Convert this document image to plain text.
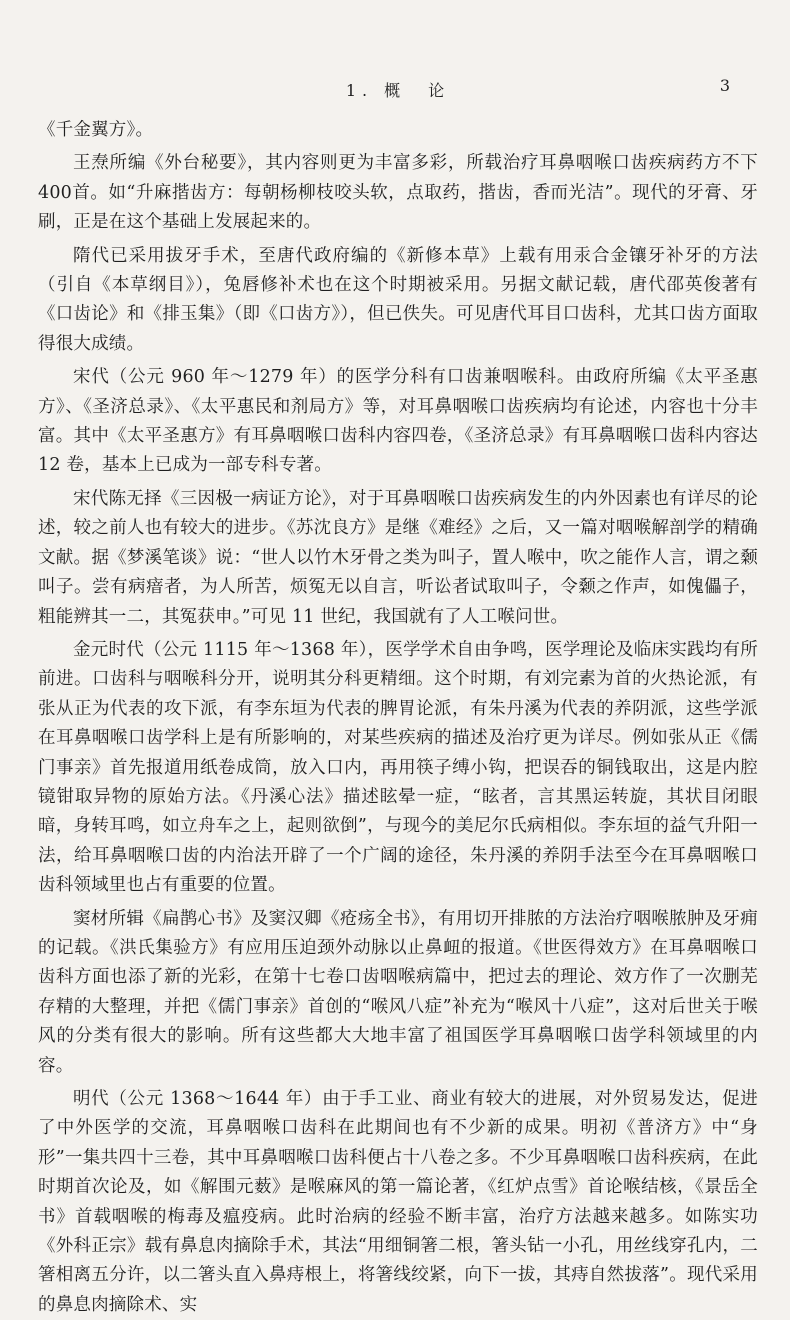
1. 概　论	3

《千金翼方》。

王焘所编《外台秘要》，其内容则更为丰富多彩，所载治疗耳鼻咽喉口齿疾病药方不下400首。如“升麻揩齿方：每朝杨柳枝咬头软，点取药，揩齿，香而光洁”。现代的牙膏、牙刷，正是在这个基础上发展起来的。

隋代已采用拔牙手术，至唐代政府编的《新修本草》上载有用汞合金镶牙补牙的方法（引自《本草纲目》），兔唇修补术也在这个时期被采用。另据文献记载，唐代邵英俊著有《口齿论》和《排玉集》（即《口齿方》），但已佚失。可见唐代耳目口齿科，尤其口齿方面取得很大成绩。

宋代（公元 960 年～1279 年）的医学分科有口齿兼咽喉科。由政府所编《太平圣惠方》、《圣济总录》、《太平惠民和剂局方》等，对耳鼻咽喉口齿疾病均有论述，内容也十分丰富。其中《太平圣惠方》有耳鼻咽喉口齿科内容四卷，《圣济总录》有耳鼻咽喉口齿科内容达 12 卷，基本上已成为一部专科专著。

宋代陈无择《三因极一病证方论》，对于耳鼻咽喉口齿疾病发生的内外因素也有详尽的论述，较之前人也有较大的进步。《苏沈良方》是继《难经》之后，又一篇对咽喉解剖学的精确文献。据《梦溪笔谈》说：“世人以竹木牙骨之类为叫子，置人喉中，吹之能作人言，谓之颡叫子。尝有病瘖者，为人所苦，烦冤无以自言，听讼者试取叫子，令颡之作声，如傀儡子，粗能辨其一二，其冤获申。”可见 11 世纪，我国就有了人工喉问世。

金元时代（公元 1115 年～1368 年），医学学术自由争鸣，医学理论及临床实践均有所前进。口齿科与咽喉科分开，说明其分科更精细。这个时期，有刘完素为首的火热论派，有张从正为代表的攻下派，有李东垣为代表的脾胃论派，有朱丹溪为代表的养阴派，这些学派在耳鼻咽喉口齿学科上是有所影响的，对某些疾病的描述及治疗更为详尽。例如张从正《儒门事亲》首先报道用纸卷成筒，放入口内，再用筷子缚小钩，把误吞的铜钱取出，这是内腔镜钳取异物的原始方法。《丹溪心法》描述眩晕一症，“眩者，言其黑运转旋，其状目闭眼暗，身转耳鸣，如立舟车之上，起则欲倒”，与现今的美尼尔氏病相似。李东垣的益气升阳一法，给耳鼻咽喉口齿的内治法开辟了一个广阔的途径，朱丹溪的养阴手法至今在耳鼻咽喉口齿科领域里也占有重要的位置。

窦材所辑《扁鹊心书》及窦汉卿《疮疡全书》，有用切开排脓的方法治疗咽喉脓肿及牙痈的记载。《洪氏集验方》有应用压迫颈外动脉以止鼻衄的报道。《世医得效方》在耳鼻咽喉口齿科方面也添了新的光彩，在第十七卷口齿咽喉病篇中，把过去的理论、效方作了一次删芜存精的大整理，并把《儒门事亲》首创的“喉风八症”补充为“喉风十八症”，这对后世关于喉风的分类有很大的影响。所有这些都大大地丰富了祖国医学耳鼻咽喉口齿学科领域里的内容。

明代（公元 1368～1644 年）由于手工业、商业有较大的进展，对外贸易发达，促进了中外医学的交流，耳鼻咽喉口齿科在此期间也有不少新的成果。明初《普济方》中“身形”一集共四十三卷，其中耳鼻咽喉口齿科便占十八卷之多。不少耳鼻咽喉口齿科疾病，在此时期首次论及，如《解围元薮》是喉麻风的第一篇论著，《红炉点雪》首论喉结核，《景岳全书》首载咽喉的梅毒及瘟疫病。此时治病的经验不断丰富，治疗方法越来越多。如陈实功《外科正宗》载有鼻息肉摘除手术，其法“用细铜箸二根，箸头钻一小孔，用丝线穿孔内，二箸相离五分许，以二箸头直入鼻痔根上，将箸线绞紧，向下一拔，其痔自然拔落”。现代采用的鼻息肉摘除术、实
